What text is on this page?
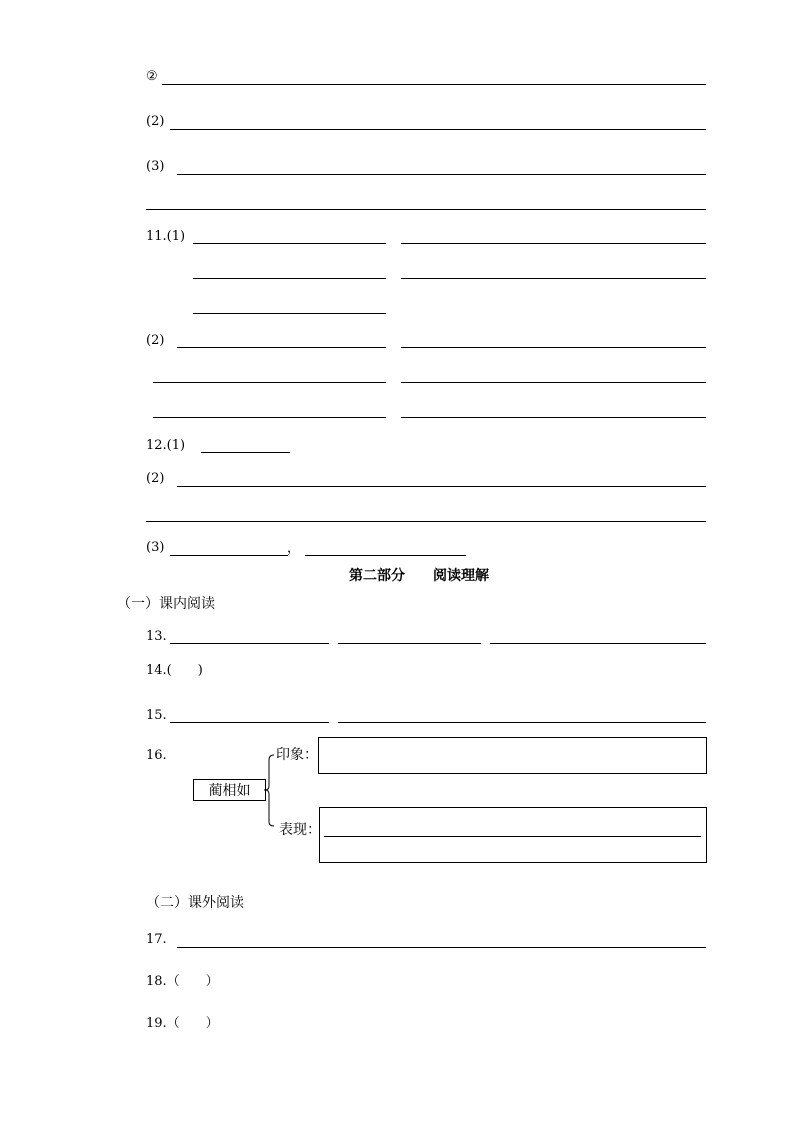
②
(2)
(3)
11.(1)
(2)
12.(1)
(2)
(3)	，
第二部分　　阅读理解
（一）课内阅读
13.
14.(　　)
15.
16.
蔺相如
印象：
表现：
（二）课外阅读
17.
18.（　　）
19.（　　）
